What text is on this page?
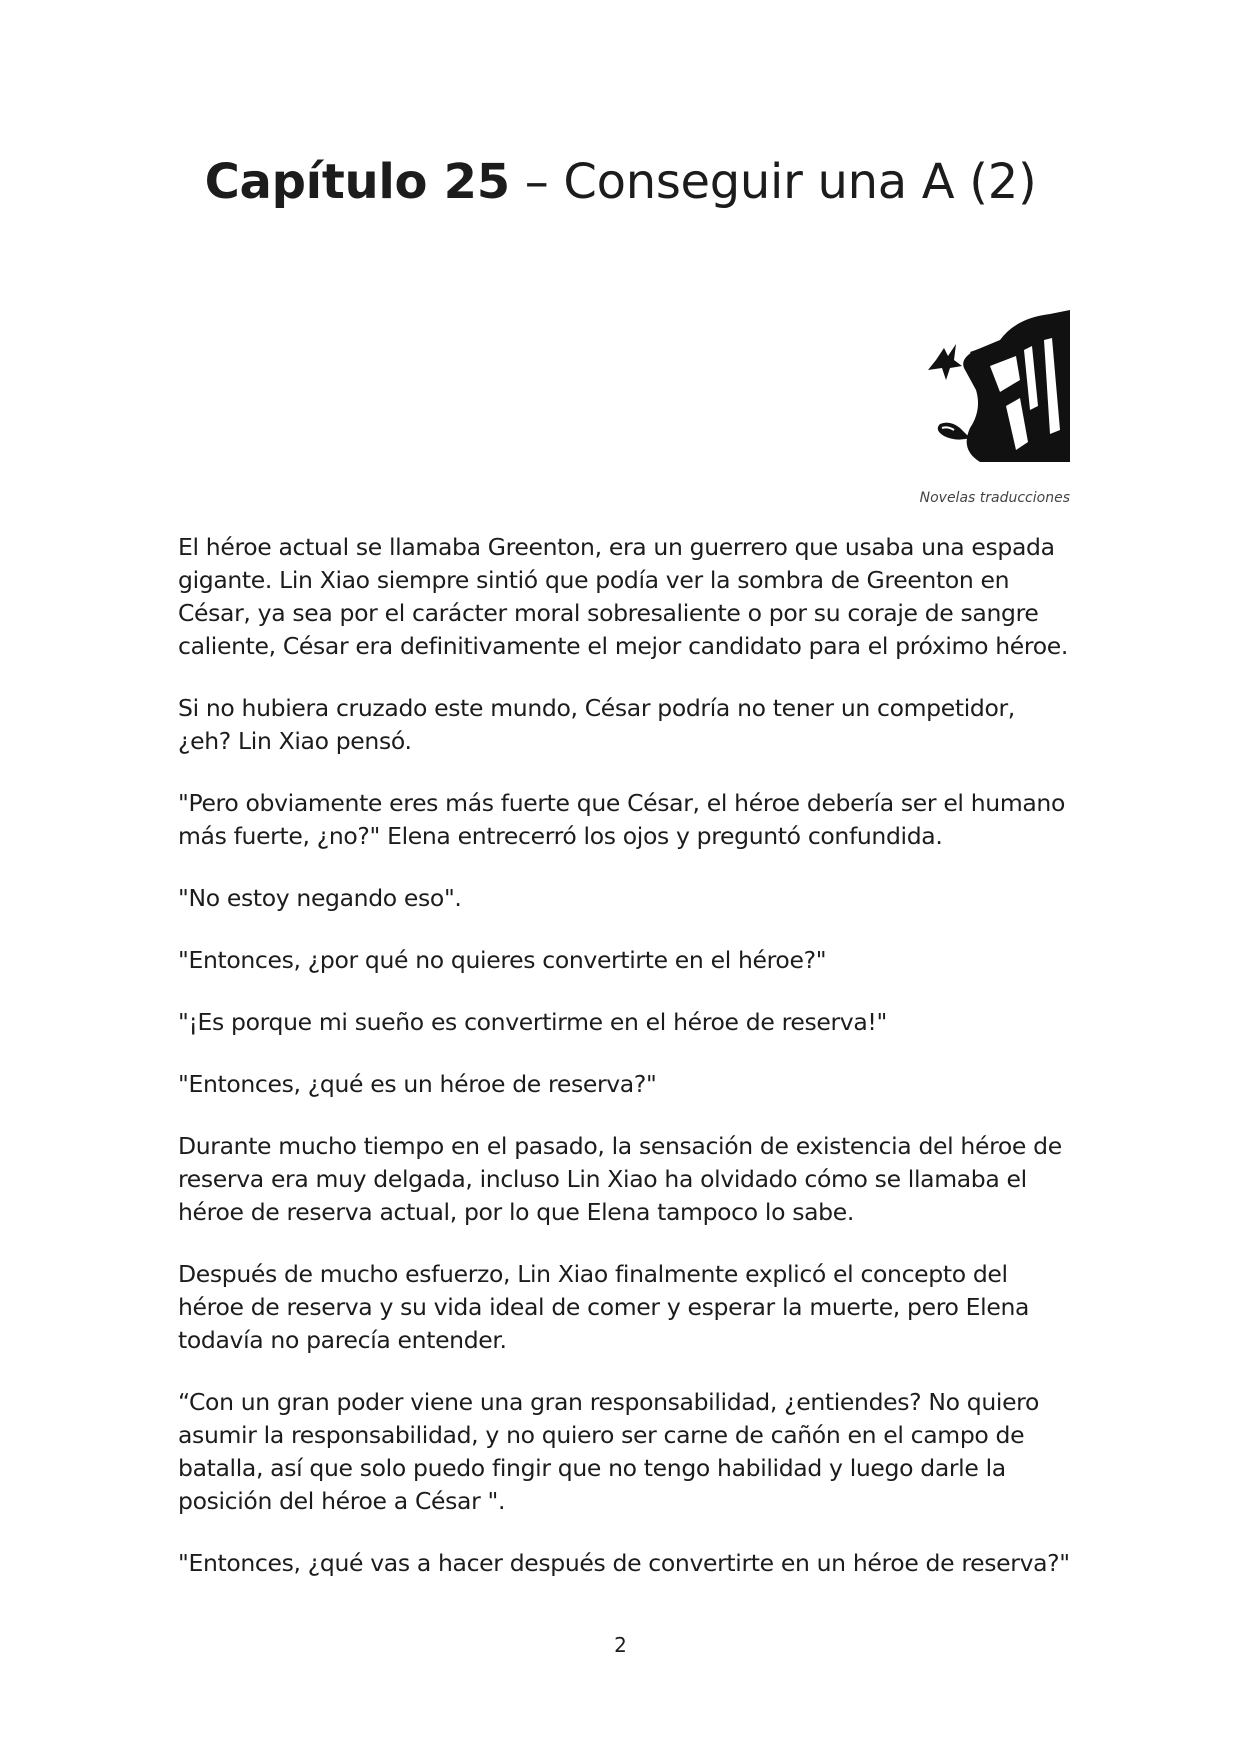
Capítulo 25 – Conseguir una A (2)

Novelas traducciones

El héroe actual se llamaba Greenton, era un guerrero que usaba una espada gigante. Lin Xiao siempre sintió que podía ver la sombra de Greenton en César, ya sea por el carácter moral sobresaliente o por su coraje de sangre caliente, César era definitivamente el mejor candidato para el próximo héroe.

Si no hubiera cruzado este mundo, César podría no tener un competidor, ¿eh? Lin Xiao pensó.

"Pero obviamente eres más fuerte que César, el héroe debería ser el humano más fuerte, ¿no?" Elena entrecerró los ojos y preguntó confundida.

"No estoy negando eso".

"Entonces, ¿por qué no quieres convertirte en el héroe?"

"¡Es porque mi sueño es convertirme en el héroe de reserva!"

"Entonces, ¿qué es un héroe de reserva?"

Durante mucho tiempo en el pasado, la sensación de existencia del héroe de reserva era muy delgada, incluso Lin Xiao ha olvidado cómo se llamaba el héroe de reserva actual, por lo que Elena tampoco lo sabe.

Después de mucho esfuerzo, Lin Xiao finalmente explicó el concepto del héroe de reserva y su vida ideal de comer y esperar la muerte, pero Elena todavía no parecía entender.

“Con un gran poder viene una gran responsabilidad, ¿entiendes? No quiero asumir la responsabilidad, y no quiero ser carne de cañón en el campo de batalla, así que solo puedo fingir que no tengo habilidad y luego darle la posición del héroe a César ".

"Entonces, ¿qué vas a hacer después de convertirte en un héroe de reserva?"

2
